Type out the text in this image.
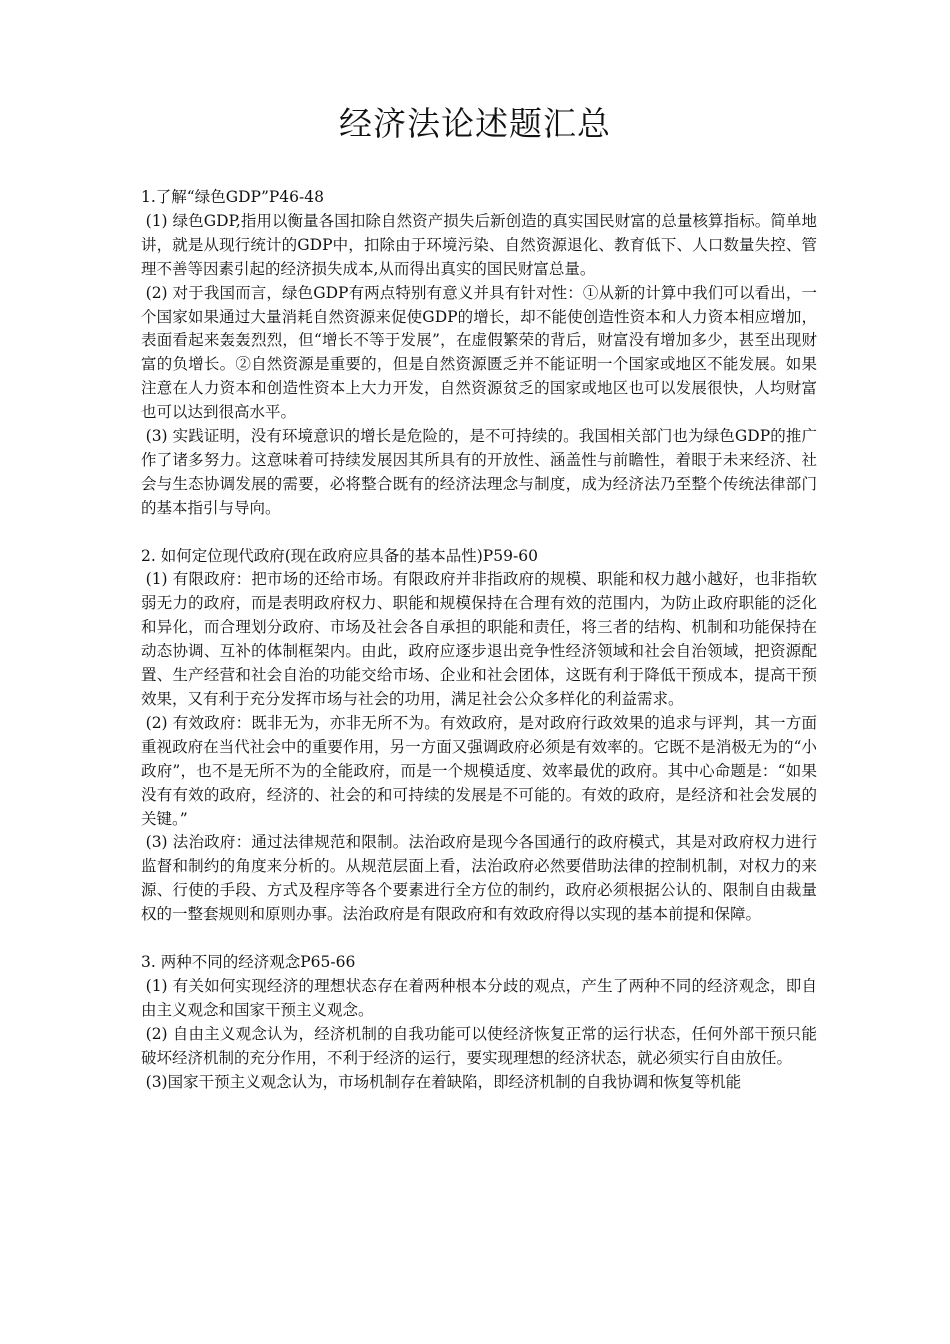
经济法论述题汇总

1.了解“绿色GDP”P46-48

(1) 绿色GDP,指用以衡量各国扣除自然资产损失后新创造的真实国民财富的总量核算指标。简单地讲，就是从现行统计的GDP中，扣除由于环境污染、自然资源退化、教育低下、人口数量失控、管理不善等因素引起的经济损失成本,从而得出真实的国民财富总量。

(2) 对于我国而言，绿色GDP有两点特别有意义并具有针对性：①从新的计算中我们可以看出，一个国家如果通过大量消耗自然资源来促使GDP的增长，却不能使创造性资本和人力资本相应增加，表面看起来轰轰烈烈，但“增长不等于发展”，在虚假繁荣的背后，财富没有增加多少，甚至出现财富的负增长。②自然资源是重要的，但是自然资源匮乏并不能证明一个国家或地区不能发展。如果注意在人力资本和创造性资本上大力开发，自然资源贫乏的国家或地区也可以发展很快，人均财富也可以达到很高水平。

(3) 实践证明，没有环境意识的增长是危险的，是不可持续的。我国相关部门也为绿色GDP的推广作了诸多努力。这意味着可持续发展因其所具有的开放性、涵盖性与前瞻性，着眼于未来经济、社会与生态协调发展的需要，必将整合既有的经济法理念与制度，成为经济法乃至整个传统法律部门的基本指引与导向。

2. 如何定位现代政府(现在政府应具备的基本品性)P59-60

(1) 有限政府：把市场的还给市场。有限政府并非指政府的规模、职能和权力越小越好，也非指软弱无力的政府，而是表明政府权力、职能和规模保持在合理有效的范围内，为防止政府职能的泛化和异化，而合理划分政府、市场及社会各自承担的职能和责任，将三者的结构、机制和功能保持在动态协调、互补的体制框架内。由此，政府应逐步退出竞争性经济领域和社会自治领域，把资源配置、生产经营和社会自治的功能交给市场、企业和社会团体，这既有利于降低干预成本，提高干预效果，又有利于充分发挥市场与社会的功用，满足社会公众多样化的利益需求。

(2) 有效政府：既非无为，亦非无所不为。有效政府，是对政府行政效果的追求与评判，其一方面重视政府在当代社会中的重要作用，另一方面又强调政府必须是有效率的。它既不是消极无为的“小政府”，也不是无所不为的全能政府，而是一个规模适度、效率最优的政府。其中心命题是：“如果没有有效的政府，经济的、社会的和可持续的发展是不可能的。有效的政府，是经济和社会发展的关键。”

(3) 法治政府：通过法律规范和限制。法治政府是现今各国通行的政府模式，其是对政府权力进行监督和制约的角度来分析的。从规范层面上看，法治政府必然要借助法律的控制机制，对权力的来源、行使的手段、方式及程序等各个要素进行全方位的制约，政府必须根据公认的、限制自由裁量权的一整套规则和原则办事。法治政府是有限政府和有效政府得以实现的基本前提和保障。

3. 两种不同的经济观念P65-66

(1) 有关如何实现经济的理想状态存在着两种根本分歧的观点，产生了两种不同的经济观念，即自由主义观念和国家干预主义观念。

(2) 自由主义观念认为，经济机制的自我功能可以使经济恢复正常的运行状态，任何外部干预只能破坏经济机制的充分作用，不利于经济的运行，要实现理想的经济状态，就必须实行自由放任。

(3)国家干预主义观念认为，市场机制存在着缺陷，即经济机制的自我协调和恢复等机能
